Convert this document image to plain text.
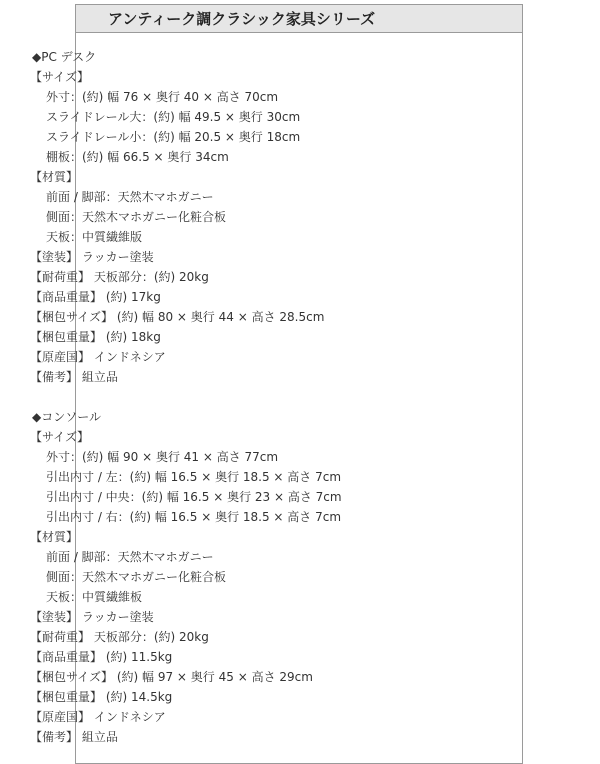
アンティーク調クラシック家具シリーズ
◆PC デスク
【サイズ】
外寸：(約) 幅 76 × 奥行 40 × 高さ 70cm
スライドレール大：(約) 幅 49.5 × 奥行 30cm
スライドレール小：(約) 幅 20.5 × 奥行 18cm
棚板：(約) 幅 66.5 × 奥行 34cm
【材質】
前面 / 脚部：天然木マホガニー
側面：天然木マホガニー化粧合板
天板：中質繊維版
【塗装】 ラッカー塗装
【耐荷重】 天板部分：(約) 20kg
【商品重量】 (約) 17kg
【梱包サイズ】 (約) 幅 80 × 奥行 44 × 高さ 28.5cm
【梱包重量】 (約) 18kg
【原産国】 インドネシア
【備考】 組立品
◆コンソール
【サイズ】
外寸：(約) 幅 90 × 奥行 41 × 高さ 77cm
引出内寸 / 左：(約) 幅 16.5 × 奥行 18.5 × 高さ 7cm
引出内寸 / 中央：(約) 幅 16.5 × 奥行 23 × 高さ 7cm
引出内寸 / 右：(約) 幅 16.5 × 奥行 18.5 × 高さ 7cm
【材質】
前面 / 脚部：天然木マホガニー
側面：天然木マホガニー化粧合板
天板：中質繊維板
【塗装】 ラッカー塗装
【耐荷重】 天板部分：(約) 20kg
【商品重量】 (約) 11.5kg
【梱包サイズ】 (約) 幅 97 × 奥行 45 × 高さ 29cm
【梱包重量】 (約) 14.5kg
【原産国】 インドネシア
【備考】 組立品
